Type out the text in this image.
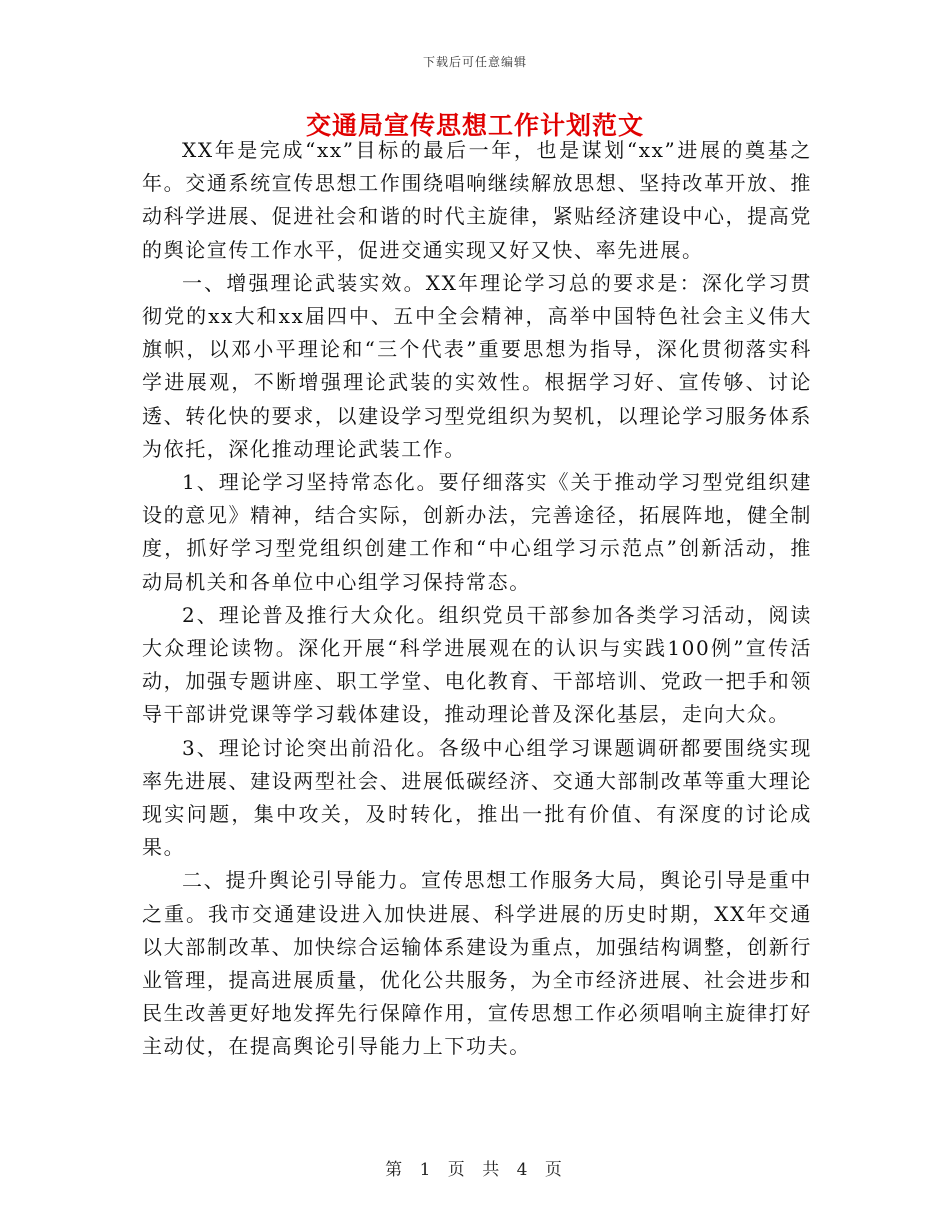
下载后可任意编辑
交通局宣传思想工作计划范文

XX年是完成“xx”目标的最后一年，也是谋划“xx”进展的奠基之年。交通系统宣传思想工作围绕唱响继续解放思想、坚持改革开放、推动科学进展、促进社会和谐的时代主旋律，紧贴经济建设中心，提高党的舆论宣传工作水平，促进交通实现又好又快、率先进展。

一、增强理论武装实效。XX年理论学习总的要求是：深化学习贯彻党的xx大和xx届四中、五中全会精神，高举中国特色社会主义伟大旗帜，以邓小平理论和“三个代表”重要思想为指导，深化贯彻落实科学进展观，不断增强理论武装的实效性。根据学习好、宣传够、讨论透、转化快的要求，以建设学习型党组织为契机，以理论学习服务体系为依托，深化推动理论武装工作。

1、理论学习坚持常态化。要仔细落实《关于推动学习型党组织建设的意见》精神，结合实际，创新办法，完善途径，拓展阵地，健全制度，抓好学习型党组织创建工作和“中心组学习示范点”创新活动，推动局机关和各单位中心组学习保持常态。

2、理论普及推行大众化。组织党员干部参加各类学习活动，阅读大众理论读物。深化开展“科学进展观在的认识与实践100例”宣传活动，加强专题讲座、职工学堂、电化教育、干部培训、党政一把手和领导干部讲党课等学习载体建设，推动理论普及深化基层，走向大众。

3、理论讨论突出前沿化。各级中心组学习课题调研都要围绕实现率先进展、建设两型社会、进展低碳经济、交通大部制改革等重大理论现实问题，集中攻关，及时转化，推出一批有价值、有深度的讨论成果。

二、提升舆论引导能力。宣传思想工作服务大局，舆论引导是重中之重。我市交通建设进入加快进展、科学进展的历史时期，XX年交通以大部制改革、加快综合运输体系建设为重点，加强结构调整，创新行业管理，提高进展质量，优化公共服务，为全市经济进展、社会进步和民生改善更好地发挥先行保障作用，宣传思想工作必须唱响主旋律打好主动仗，在提高舆论引导能力上下功夫。

第 1 页 共 4 页
